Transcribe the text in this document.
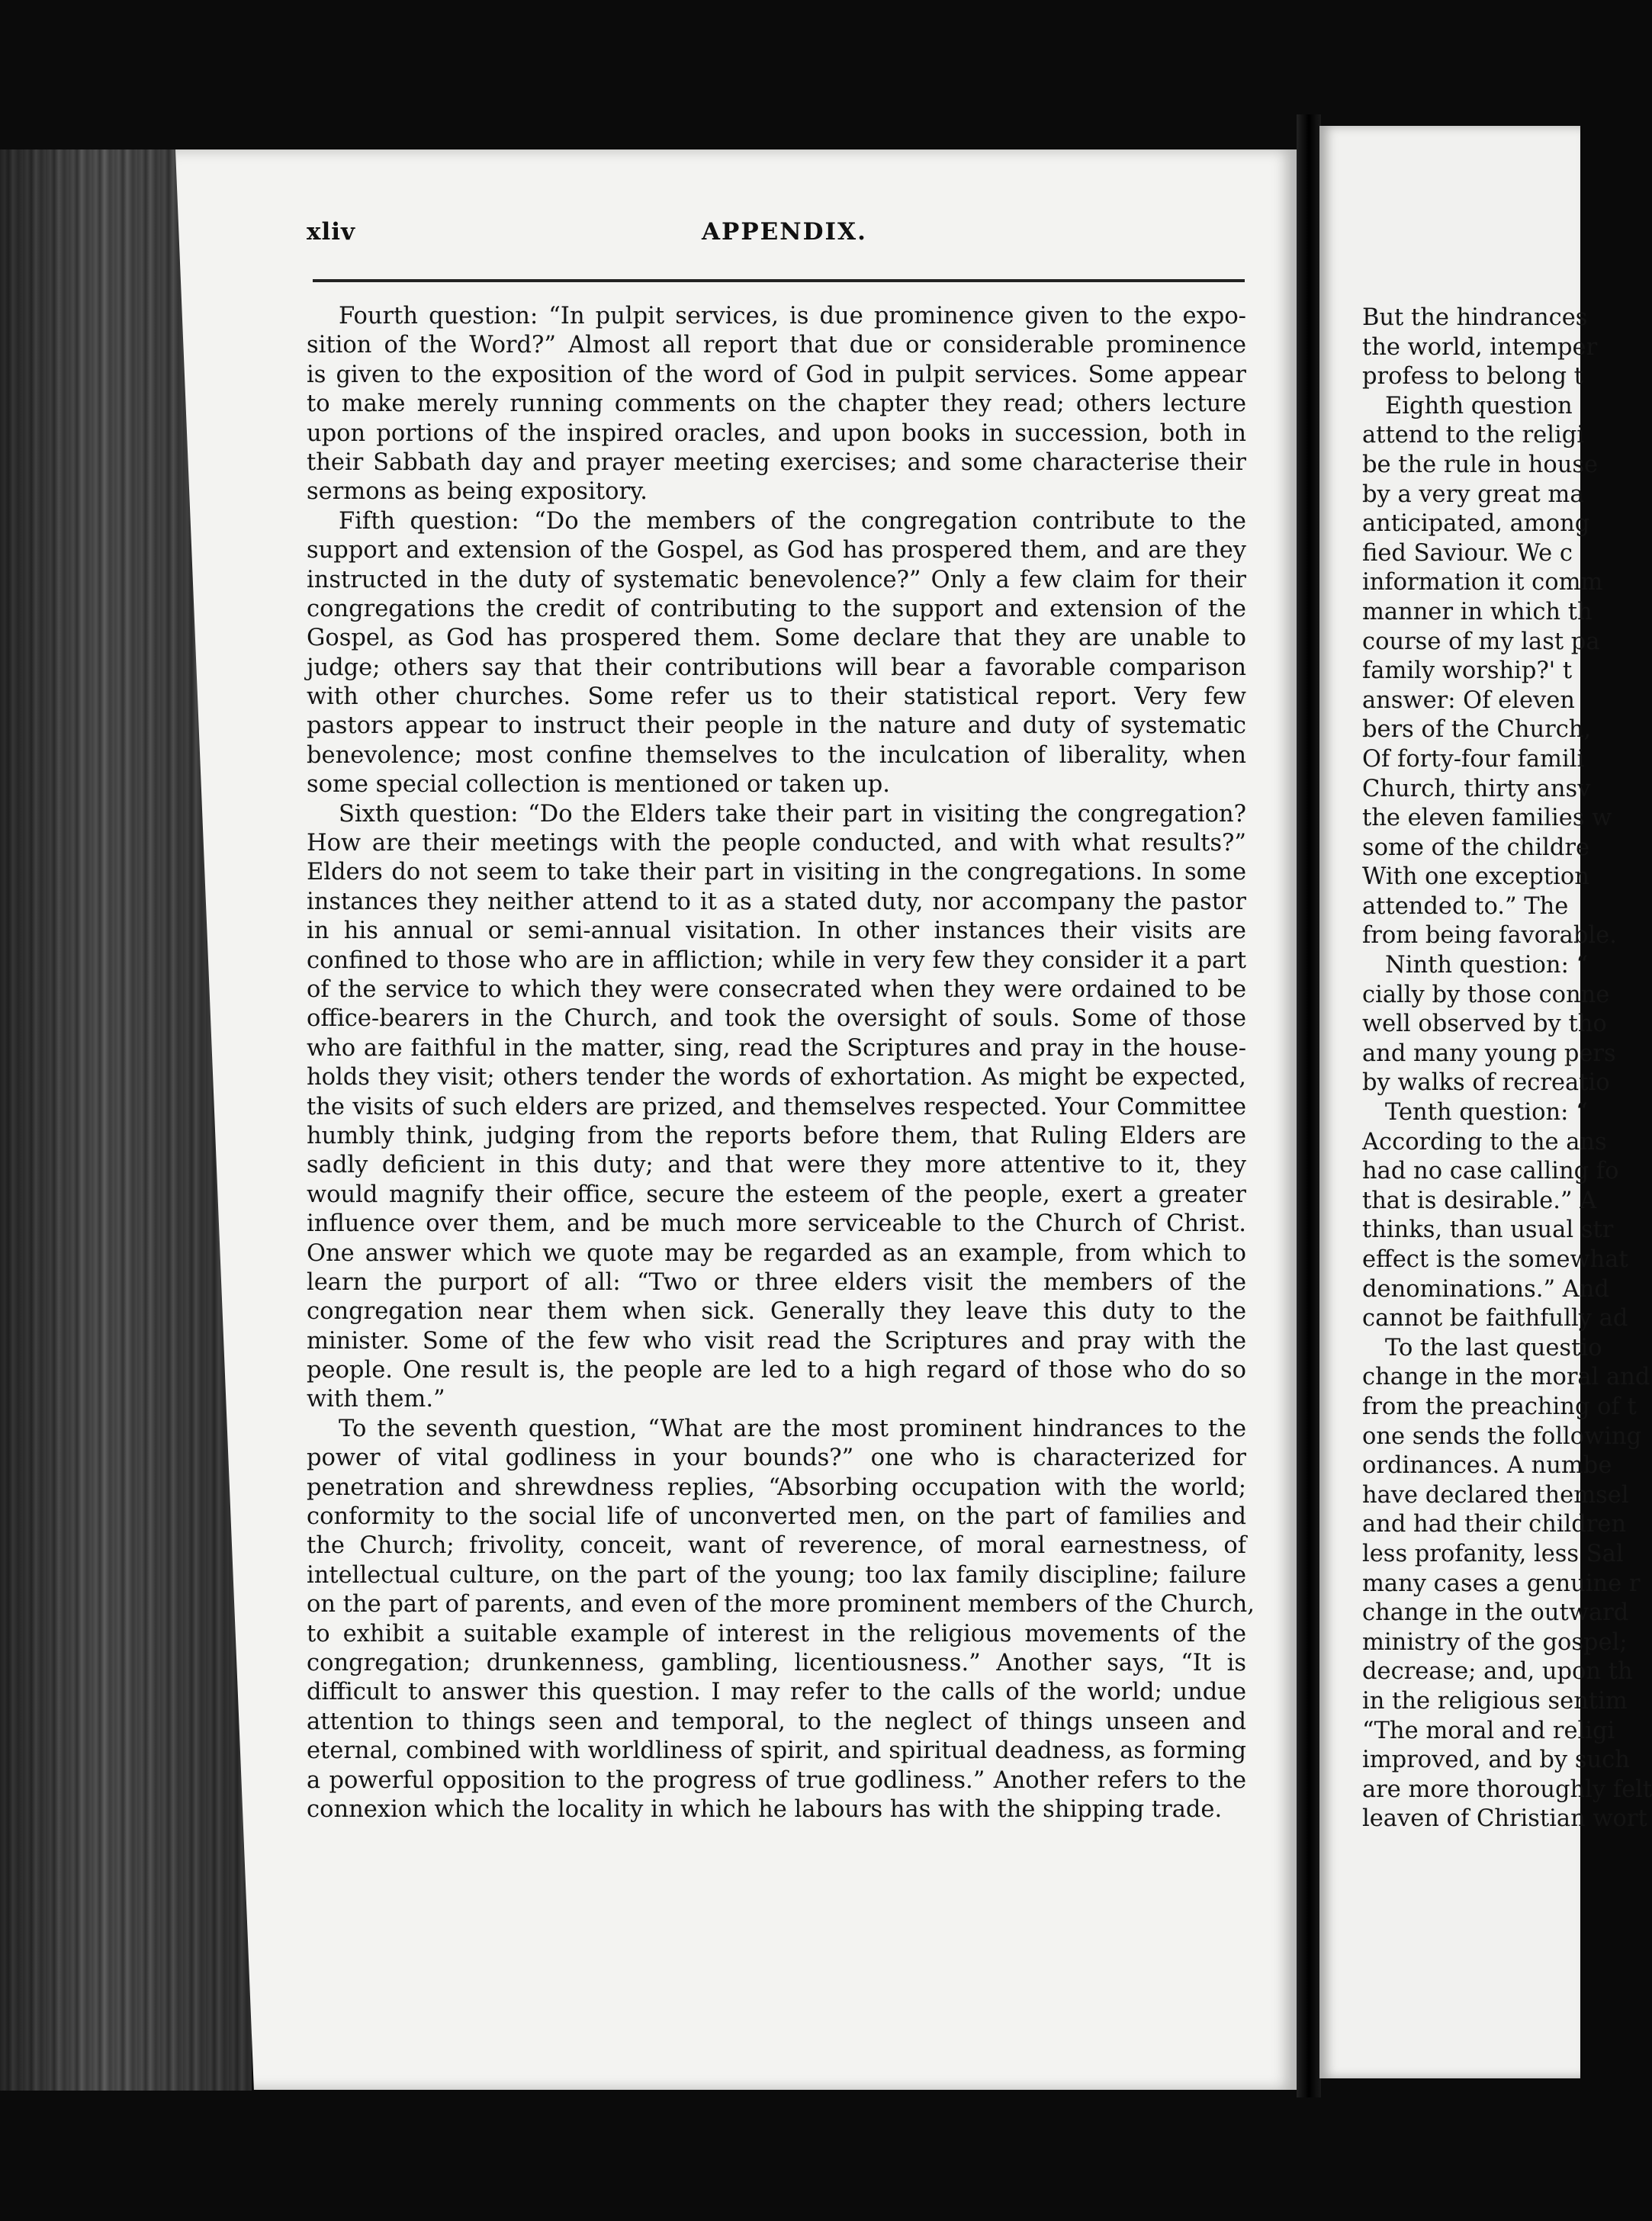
xliv	APPENDIX.
Fourth question: “In pulpit services, is due prominence given to the expo-
sition of the Word?” Almost all report that due or considerable prominence
is given to the exposition of the word of God in pulpit services. Some appear
to make merely running comments on the chapter they read; others lecture
upon portions of the inspired oracles, and upon books in succession, both in
their Sabbath day and prayer meeting exercises; and some characterise their
sermons as being expository.
Fifth question: “Do the members of the congregation contribute to the
support and extension of the Gospel, as God has prospered them, and are they
instructed in the duty of systematic benevolence?” Only a few claim for their
congregations the credit of contributing to the support and extension of the
Gospel, as God has prospered them. Some declare that they are unable to
judge; others say that their contributions will bear a favorable comparison
with other churches. Some refer us to their statistical report. Very few
pastors appear to instruct their people in the nature and duty of systematic
benevolence; most confine themselves to the inculcation of liberality, when
some special collection is mentioned or taken up.
Sixth question: “Do the Elders take their part in visiting the congregation?
How are their meetings with the people conducted, and with what results?”
Elders do not seem to take their part in visiting in the congregations. In some
instances they neither attend to it as a stated duty, nor accompany the pastor
in his annual or semi-annual visitation. In other instances their visits are
confined to those who are in affliction; while in very few they consider it a part
of the service to which they were consecrated when they were ordained to be
office-bearers in the Church, and took the oversight of souls. Some of those
who are faithful in the matter, sing, read the Scriptures and pray in the house-
holds they visit; others tender the words of exhortation. As might be expected,
the visits of such elders are prized, and themselves respected. Your Committee
humbly think, judging from the reports before them, that Ruling Elders are
sadly deficient in this duty; and that were they more attentive to it, they
would magnify their office, secure the esteem of the people, exert a greater
influence over them, and be much more serviceable to the Church of Christ.
One answer which we quote may be regarded as an example, from which to
learn the purport of all: “Two or three elders visit the members of the
congregation near them when sick. Generally they leave this duty to the
minister. Some of the few who visit read the Scriptures and pray with the
people. One result is, the people are led to a high regard of those who do so
with them.”
To the seventh question, “What are the most prominent hindrances to the
power of vital godliness in your bounds?” one who is characterized for
penetration and shrewdness replies, “Absorbing occupation with the world;
conformity to the social life of unconverted men, on the part of families and
the Church; frivolity, conceit, want of reverence, of moral earnestness, of
intellectual culture, on the part of the young; too lax family discipline; failure
on the part of parents, and even of the more prominent members of the Church,
to exhibit a suitable example of interest in the religious movements of the
congregation; drunkenness, gambling, licentiousness.” Another says, “It is
difficult to answer this question. I may refer to the calls of the world; undue
attention to things seen and temporal, to the neglect of things unseen and
eternal, combined with worldliness of spirit, and spiritual deadness, as forming
a powerful opposition to the progress of true godliness.” Another refers to the
connexion which the locality in which he labours has with the shipping trade.
But the hindrances
the world, intemper
profess to belong t
Eighth question
attend to the religi
be the rule in house
by a very great ma
anticipated, among
fied Saviour. We c
information it comm
manner in which th
course of my last pa
family worship?' t
answer: Of eleven
bers of the Church,
Of forty-four famili
Church, thirty ansv
the eleven families w
some of the childre
With one exception
attended to.” The
from being favorable.
Ninth question: “
cially by those conne
well observed by tho
and many young pers
by walks of recreatio
Tenth question: “
According to the ans
had no case calling fo
that is desirable.” A
thinks, than usual str
effect is the somewhat
denominations.” And
cannot be faithfully ad
To the last questio
change in the moral and
from the preaching of t
one sends the following
ordinances. A numbe
have declared themsel
and had their children
less profanity, less Sal
many cases a genuine r
change in the outward
ministry of the gospel;
decrease; and, upon th
in the religious sentim
“The moral and religi
improved, and by such
are more thoroughly felt
leaven of Christian wort
